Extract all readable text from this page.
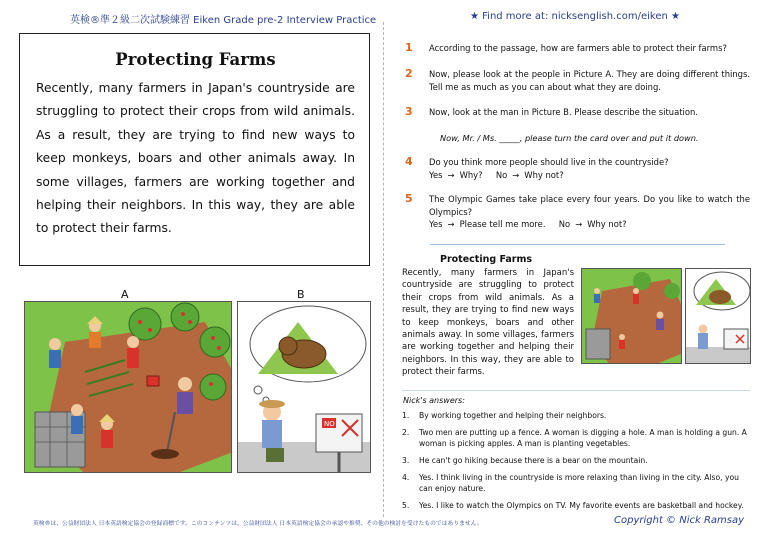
英検®準２級二次試験練習 Eiken Grade pre-2 Interview Practice	★ Find more at: nicksenglish.com/eiken ★
Protecting Farms
Recently, many farmers in Japan's countryside are struggling to protect their crops from wild animals. As a result, they are trying to find new ways to keep monkeys, boars and other animals away. In some villages, farmers are working together and helping their neighbors. In this way, they are able to protect their farms.
A	B
NO
1 According to the passage, how are farmers able to protect their farms?
2 Now, please look at the people in Picture A. They are doing different things. Tell me as much as you can about what they are doing.
3 Now, look at the man in Picture B. Please describe the situation.
Now, Mr. / Ms. _____, please turn the card over and put it down.
4 Do you think more people should live in the countryside?
Yes → Why? No → Why not?
5 The Olympic Games take place every four years. Do you like to watch the Olympics?
Yes → Please tell me more. No → Why not?
Protecting Farms
Recently, many farmers in Japan's countryside are struggling to protect their crops from wild animals. As a result, they are trying to find new ways to keep monkeys, boars and other animals away. In some villages, farmers are working together and helping their neighbors. In this way, they are able to protect their farms.
Nick's answers:
1. By working together and helping their neighbors.
2. Two men are putting up a fence. A woman is digging a hole. A man is holding a gun. A woman is picking apples. A man is planting vegetables.
3. He can't go hiking because there is a bear on the mountain.
4. Yes. I think living in the countryside is more relaxing than living in the city. Also, you can enjoy nature.
5. Yes. I like to watch the Olympics on TV. My favorite events are basketball and hockey.
英検®は、公益財団法人 日本英語検定協会の登録商標です。このコンテンツは、公益財団法人 日本英語検定協会の承認や推奨、その他の検討を受けたものではありません。	Copyright © Nick Ramsay
